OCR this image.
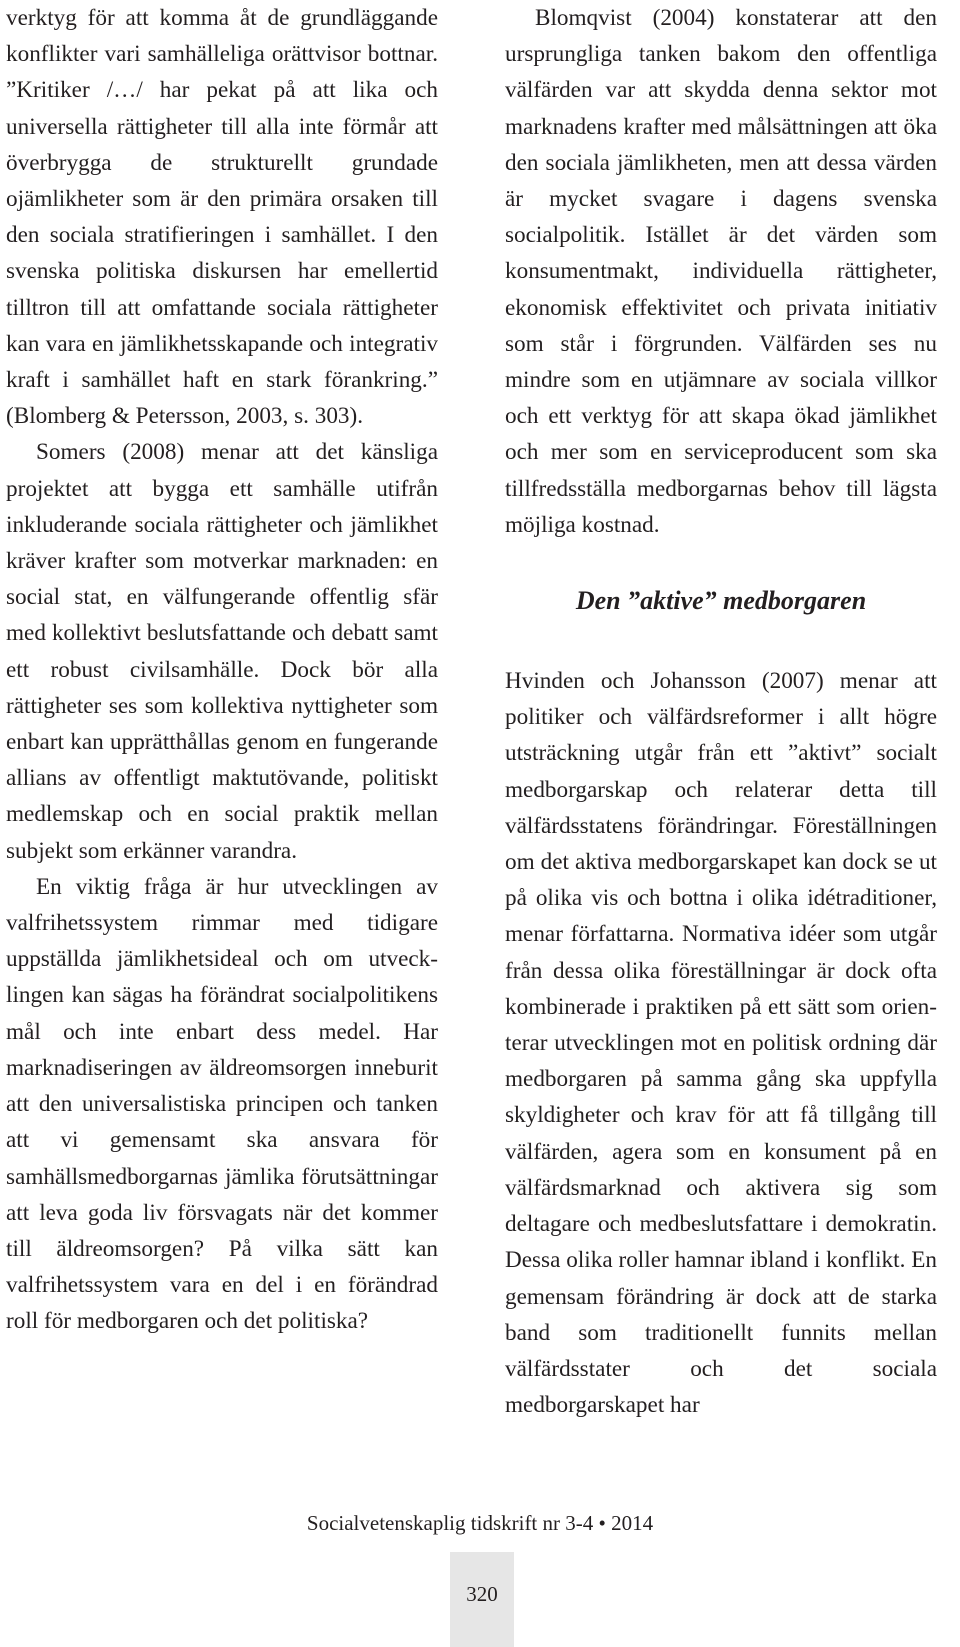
verktyg för att komma åt de grundläggande konflikter vari samhälleliga orättvisor bottnar. ”Kritiker /…/ har pekat på att lika och universella rättigheter till alla inte förmår att överbrygga de strukturellt grundade ojämlikheter som är den primära orsaken till den sociala stratifieringen i samhället. I den svenska politiska diskursen har emellertid tilltron till att omfattande sociala rättigheter kan vara en jämlikhetsskapande och integrativ kraft i samhället haft en stark förankring.” (Blomberg & Petersson, 2003, s. 303).

Somers (2008) menar att det känsliga projektet att bygga ett samhälle utifrån inkluderande sociala rättigheter och jämlikhet kräver krafter som motverkar marknaden: en social stat, en välfungerande offentlig sfär med kollektivt beslutsfattande och debatt samt ett robust civilsamhälle. Dock bör alla rättigheter ses som kollektiva nyttigheter som enbart kan upprätthållas genom en fungerande allians av offentligt maktutövande, politiskt medlemskap och en social praktik mellan subjekt som erkänner varandra.

En viktig fråga är hur utvecklingen av valfrihetssystem rimmar med tidigare uppställda jämlikhetsideal och om utvecklingen kan sägas ha förändrat socialpolitikens mål och inte enbart dess medel. Har marknadiseringen av äldreomsorgen inneburit att den universalistiska principen och tanken att vi gemensamt ska ansvara för samhällsmedborgarnas jämlika förutsättningar att leva goda liv försvagats när det kommer till äldreomsorgen? På vilka sätt kan valfrihetssystem vara en del i en förändrad roll för medborgaren och det politiska?

Blomqvist (2004) konstaterar att den ursprungliga tanken bakom den offentliga välfärden var att skydda denna sektor mot marknadens krafter med målsättningen att öka den sociala jämlikheten, men att dessa värden är mycket svagare i dagens svenska socialpolitik. Istället är det värden som konsumentmakt, individuella rättigheter, ekonomisk effektivitet och privata initiativ som står i förgrunden. Välfärden ses nu mindre som en utjämnare av sociala villkor och ett verktyg för att skapa ökad jämlikhet och mer som en serviceproducent som ska tillfredsställa medborgarnas behov till lägsta möjliga kostnad.

Den ”aktive” medborgaren

Hvinden och Johansson (2007) menar att politiker och välfärdsreformer i allt högre utsträckning utgår från ett ”aktivt” socialt medborgarskap och relaterar detta till välfärdsstatens förändringar. Föreställningen om det aktiva medborgarskapet kan dock se ut på olika vis och bottna i olika idétraditioner, menar författarna. Normativa idéer som utgår från dessa olika föreställningar är dock ofta kombinerade i praktiken på ett sätt som orienterar utvecklingen mot en politisk ordning där medborgaren på samma gång ska uppfylla skyldigheter och krav för att få tillgång till välfärden, agera som en konsument på en välfärdsmarknad och aktivera sig som deltagare och medbeslutsfattare i demokratin. Dessa olika roller hamnar ibland i konflikt. En gemensam förändring är dock att de starka band som traditionellt funnits mellan välfärdsstater och det sociala medborgarskapet har

Socialvetenskaplig tidskrift nr 3-4 • 2014
320
